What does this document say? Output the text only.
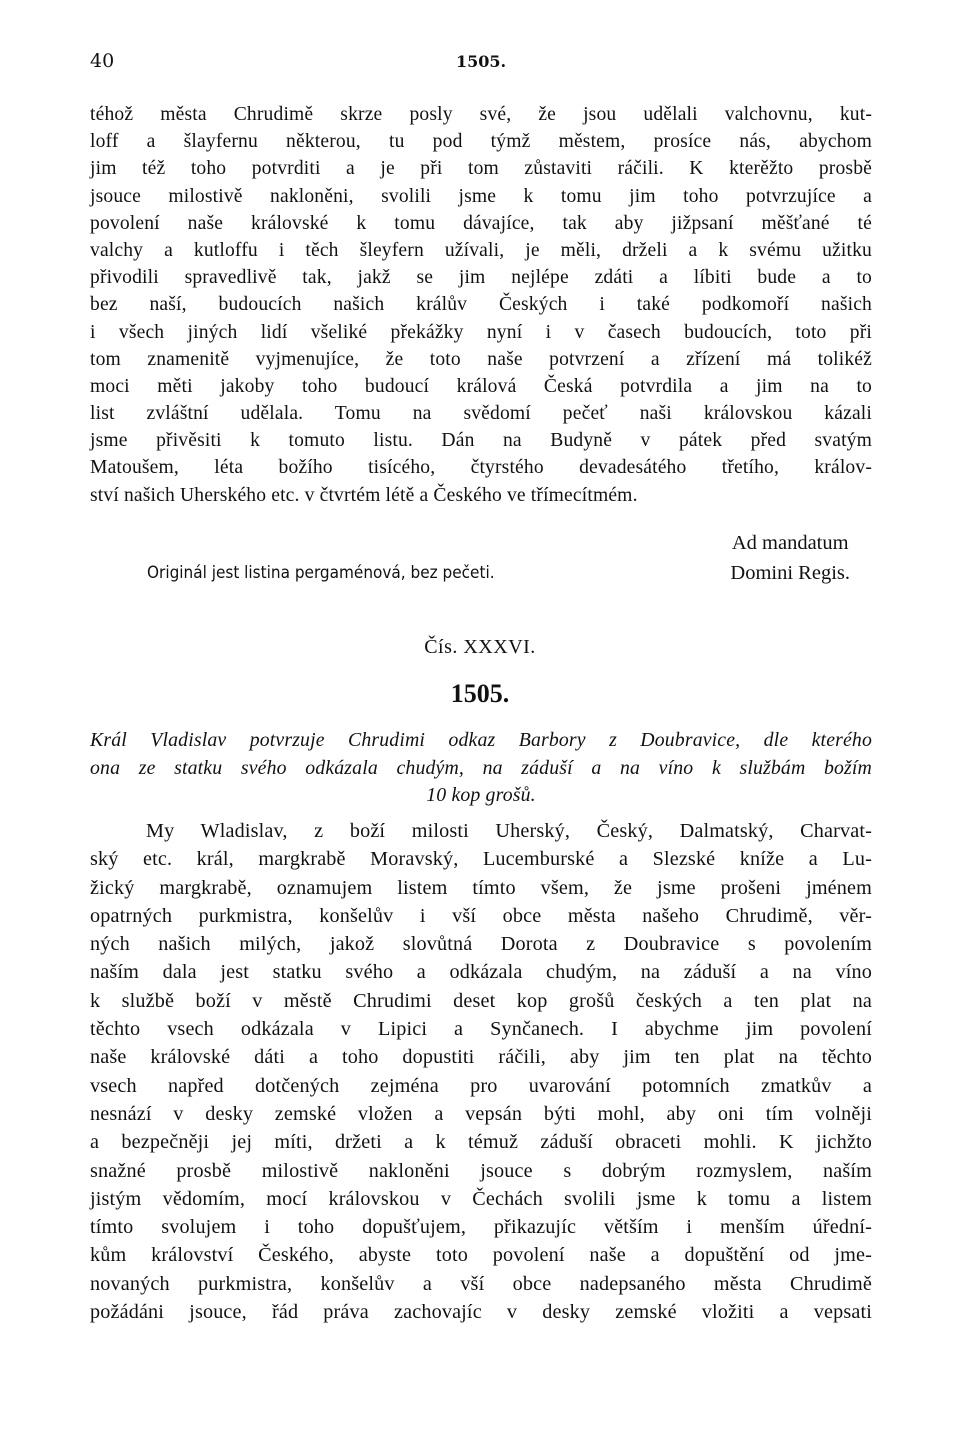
40	1505.
téhož města Chrudimě skrze posly své, že jsou udělali valchovnu, kut-
loff a šlayfernu některou, tu pod týmž městem, prosíce nás, abychom
jim též toho potvrditi a je při tom zůstaviti ráčili. K kterěžto prosbě
jsouce milostivě nakloněni, svolili jsme k tomu jim toho potvrzujíce a
povolení naše královské k tomu dávajíce, tak aby jižpsaní měšťané té
valchy a kutloffu i těch šleyfern užívali, je měli, drželi a k svému užitku
přivodili spravedlivě tak, jakž se jim nejlépe zdáti a líbiti bude a to
bez naší, budoucích našich králův Českých i také podkomoří našich
i všech jiných lidí všeliké překážky nyní i v časech budoucích, toto při
tom znamenitě vyjmenujíce, že toto naše potvrzení a zřízení má tolikéž
moci měti jakoby toho budoucí králová Česká potvrdila a jim na to
list zvláštní udělala. Tomu na svědomí pečeť naši královskou kázali
jsme přivěsiti k tomuto listu. Dán na Budyně v pátek před svatým
Matoušem, léta božího tisícého, čtyrstého devadesátého třetího, králov-
ství našich Uherského etc. v čtvrtém létě a Českého ve třímecítmém.
Originál jest listina pergaménová, bez pečeti.
Ad mandatum
Domini Regis.
Čís. XXXVI.
1505.
Král Vladislav potvrzuje Chrudimi odkaz Barbory z Doubravice, dle kterého
ona ze statku svého odkázala chudým, na záduší a na víno k službám božím
10 kop grošů.
My Wladislav, z boží milosti Uherský, Český, Dalmatský, Charvat-
ský etc. král, margkrabě Moravský, Lucemburské a Slezské kníže a Lu-
žický margkrabě, oznamujem listem tímto všem, že jsme prošeni jménem
opatrných purkmistra, konšelův i vší obce města našeho Chrudimě, věr-
ných našich milých, jakož slovůtná Dorota z Doubravice s povolením
naším dala jest statku svého a odkázala chudým, na záduší a na víno
k službě boží v městě Chrudimi deset kop grošů českých a ten plat na
těchto vsech odkázala v Lipici a Synčanech. I abychme jim povolení
naše královské dáti a toho dopustiti ráčili, aby jim ten plat na těchto
vsech napřed dotčených zejména pro uvarování potomních zmatkův a
nesnází v desky zemské vložen a vepsán býti mohl, aby oni tím volněji
a bezpečněji jej míti, držeti a k témuž záduší obraceti mohli. K jichžto
snažné prosbě milostivě nakloněni jsouce s dobrým rozmyslem, naším
jistým vědomím, mocí královskou v Čechách svolili jsme k tomu a listem
tímto svolujem i toho dopušťujem, přikazujíc větším i menším úřední-
kům království Českého, abyste toto povolení naše a dopuštění od jme-
novaných purkmistra, konšelův a vší obce nadepsaného města Chrudimě
požádáni jsouce, řád práva zachovajíc v desky zemské vložiti a vepsati
